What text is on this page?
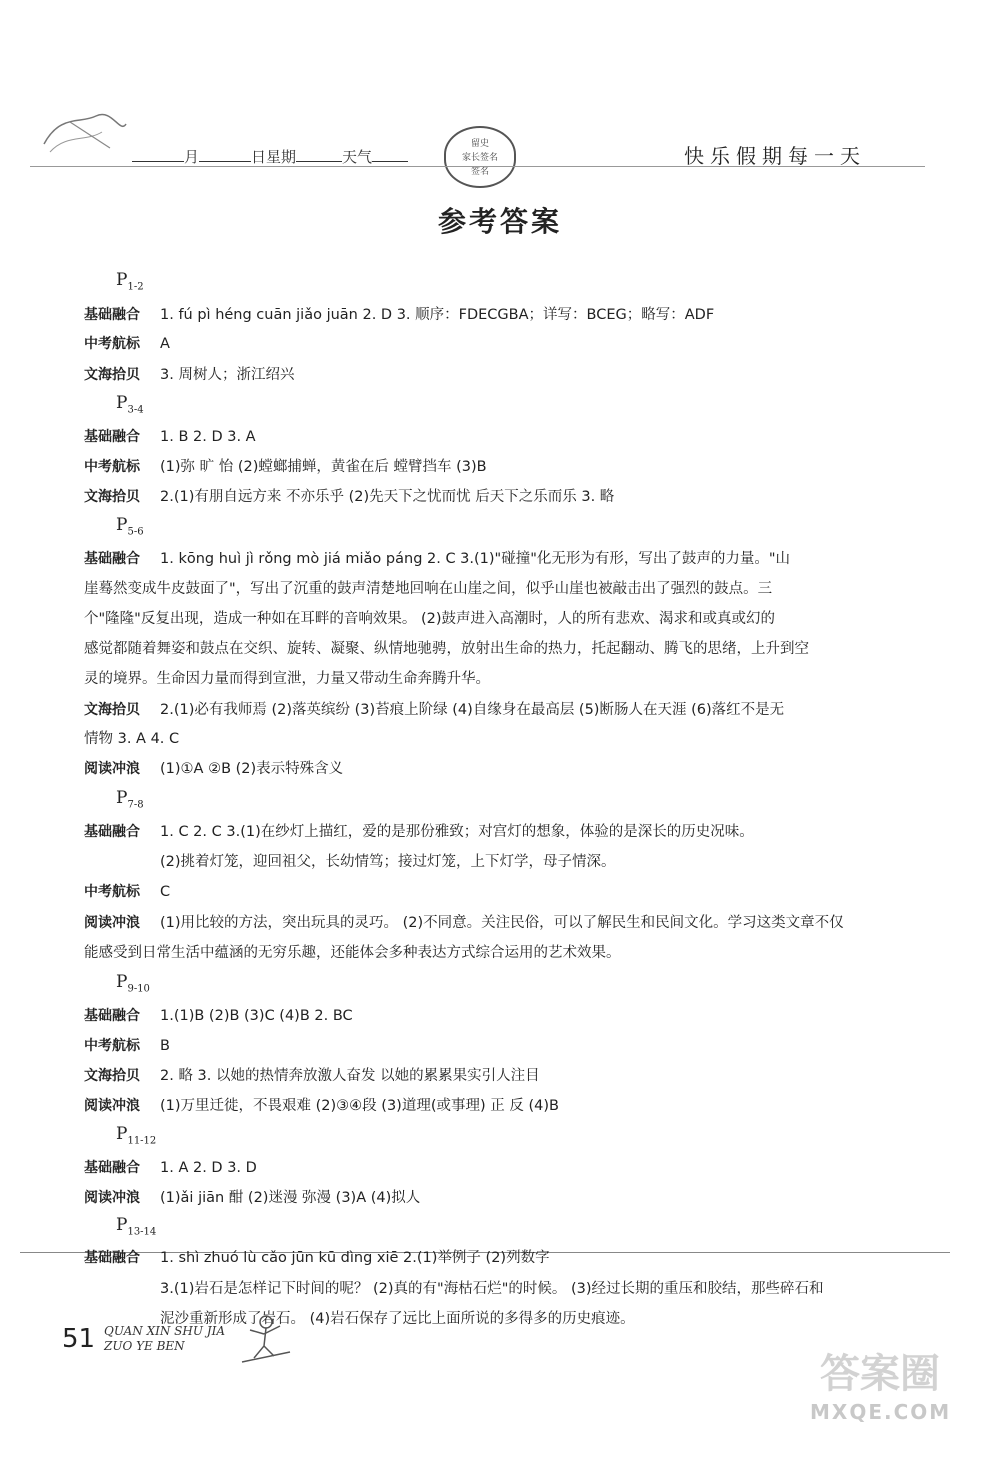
月	日星期	天气
留史
家长签名
签名
快乐假期每一天
参考答案
$P_{1-2}$
基础融合 1. fú pì héng cuān jiǎo juān 2. D 3. 顺序：FDECGBA；详写：BCEG；略写：ADF
中考航标 A
文海拾贝 3. 周树人；浙江绍兴
$P_{3-4}$
基础融合 1. B 2. D 3. A
中考航标 (1)弥 旷 怡 (2)螳螂捕蝉，黄雀在后 螳臂挡车 (3)B
文海拾贝 2.(1)有朋自远方来 不亦乐乎 (2)先天下之忧而忧 后天下之乐而乐 3. 略
$P_{5-6}$
基础融合 1. kōng huì jì rǒng mò jiá miǎo páng 2. C 3.(1)"碰撞"化无形为有形，写出了鼓声的力量。"山
崖蓦然变成牛皮鼓面了"，写出了沉重的鼓声清楚地回响在山崖之间，似乎山崖也被敲击出了强烈的鼓点。三
个"隆隆"反复出现，造成一种如在耳畔的音响效果。 (2)鼓声进入高潮时，人的所有悲欢、渴求和或真或幻的
感觉都随着舞姿和鼓点在交织、旋转、凝聚、纵情地驰骋，放射出生命的热力，托起翻动、腾飞的思绪，上升到空
灵的境界。生命因力量而得到宣泄，力量又带动生命奔腾升华。
文海拾贝 2.(1)必有我师焉 (2)落英缤纷 (3)苔痕上阶绿 (4)自缘身在最高层 (5)断肠人在天涯 (6)落红不是无
情物 3. A 4. C
阅读冲浪 (1)①A ②B (2)表示特殊含义
$P_{7-8}$
基础融合 1. C 2. C 3.(1)在纱灯上描红，爱的是那份雅致；对宫灯的想象，体验的是深长的历史况味。
(2)挑着灯笼，迎回祖父，长幼情笃；接过灯笼，上下灯学，母子情深。
中考航标 C
阅读冲浪 (1)用比较的方法，突出玩具的灵巧。 (2)不同意。关注民俗，可以了解民生和民间文化。学习这类文章不仅
能感受到日常生活中蕴涵的无穷乐趣，还能体会多种表达方式综合运用的艺术效果。
$P_{9-10}$
基础融合 1.(1)B (2)B (3)C (4)B 2. BC
中考航标 B
文海拾贝 2. 略 3. 以她的热情奔放激人奋发 以她的累累果实引人注目
阅读冲浪 (1)万里迁徙，不畏艰难 (2)③④段 (3)道理(或事理) 正 反 (4)B
$P_{11-12}$
基础融合 1. A 2. D 3. D
阅读冲浪 (1)ǎi jiān 酣 (2)迷漫 弥漫 (3)A (4)拟人
$P_{13-14}$
基础融合 1. shì zhuó lù cǎo jūn kū dìng xiē 2.(1)举例子 (2)列数字
3.(1)岩石是怎样记下时间的呢？ (2)真的有"海枯石烂"的时候。 (3)经过长期的重压和胶结，那些碎石和
泥沙重新形成了岩石。 (4)岩石保存了远比上面所说的多得多的历史痕迹。
51 QUAN XIN SHU JIA
ZUO YE BEN
答案圈
MXQE.COM
